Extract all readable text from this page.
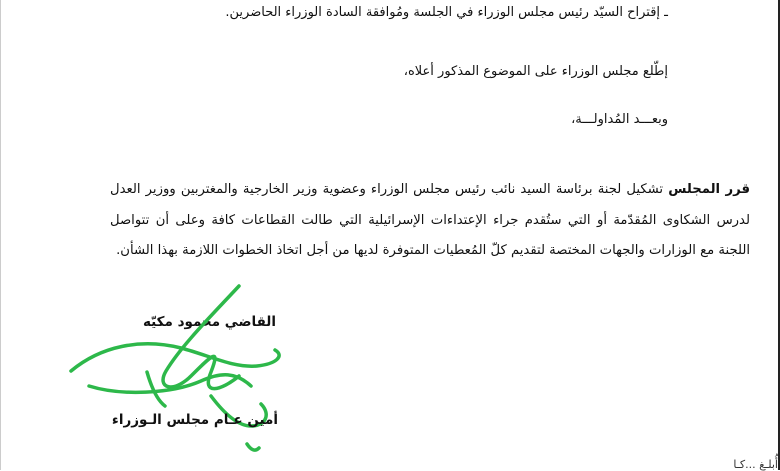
ـ إقتراح السيّد رئيس مجلس الوزراء في الجلسة ومُوافقة السادة الوزراء الحاضرين.
إطّلع مجلس الوزراء على الموضوع المذكور أعلاه،
وبعـــد المُداولـــة،
قرر المجلس تشكيل لجنة برئاسة السيد نائب رئيس مجلس الوزراء وعضوية وزير الخارجية والمغتربين ووزير العدل لدرس الشكاوى المُقدّمة أو التي ستُقدم جراء الإعتداءات الإسرائيلية التي طالت القطاعات كافة وعلى أن تتواصل اللجنة مع الوزارات والجهات المختصة لتقديم كلّ المُعطيات المتوفرة لديها من أجل اتخاذ الخطوات اللازمة بهذا الشأن.
القاضي محمود مكيّه
أمين عـام مجلس الـوزراء
أُبلـغ ...كـا
